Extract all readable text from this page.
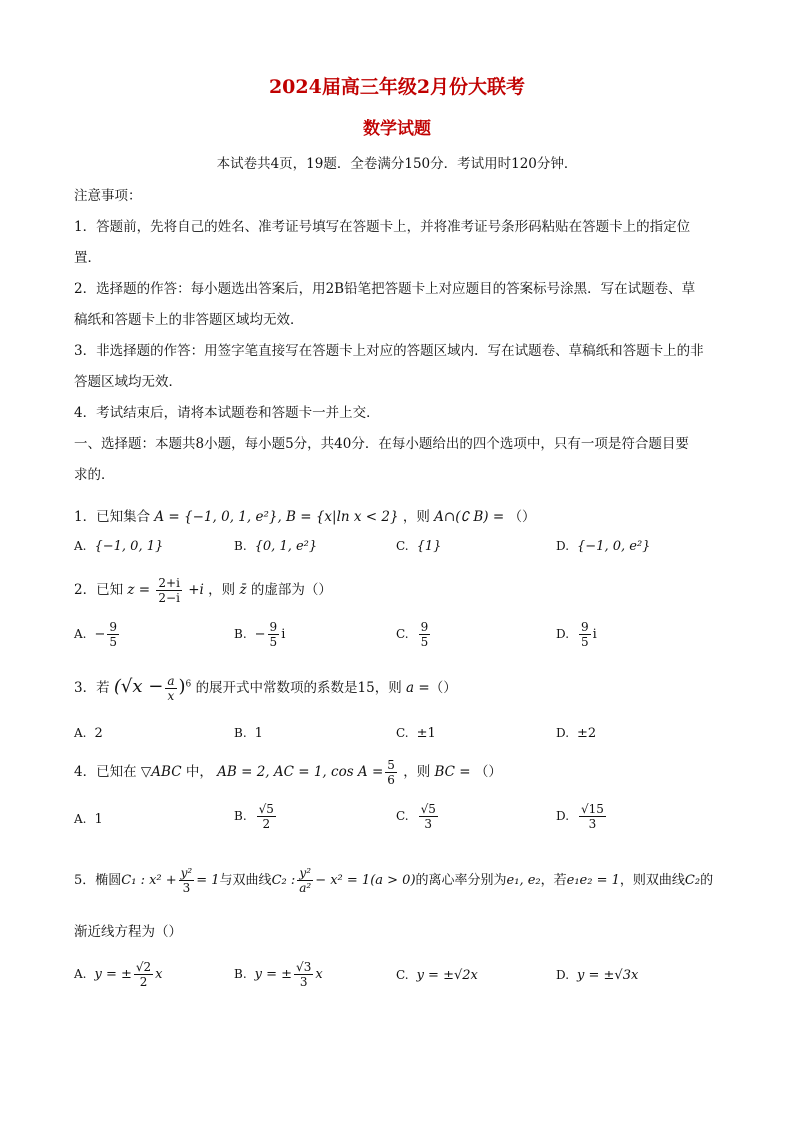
2024届高三年级2月份大联考
数学试题
本试卷共4页，19题．全卷满分150分．考试用时120分钟．
注意事项：
1．答题前，先将自己的姓名、准考证号填写在答题卡上，并将准考证号条形码粘贴在答题卡上的指定位
置．
2．选择题的作答：每小题选出答案后，用2B铅笔把答题卡上对应题目的答案标号涂黑．写在试题卷、草
稿纸和答题卡上的非答题区域均无效．
3．非选择题的作答：用签字笔直接写在答题卡上对应的答题区域内．写在试题卷、草稿纸和答题卡上的非
答题区域均无效．
4．考试结束后，请将本试题卷和答题卡一并上交．
一、选择题：本题共8小题，每小题5分，共40分．在每小题给出的四个选项中，只有一项是符合题目要
求的．
1．已知集合 A = {−1, 0, 1, e²}, B = {x|ln x < 2} ，则 A∩(∁ B) = （）
A. {−1, 0, 1}	B. {0, 1, e²}	C. {1}	D. {−1, 0, e²}
2．已知 $z = \frac{2+i}{2-i} +i$ ，则 z̄ 的虚部为（）
A. − $\frac{9}{5}$	B. − $\frac{9}{5}$ i	C. $\frac{9}{5}$	D. $\frac{9}{5}$ i
3．若 $(√x - \frac{a}{x} )^6$ 的展开式中常数项的系数是15，则 a =（）
A. 2	B. 1	C. ±1	D. ±2
4．已知在 ▽ABC 中， AB = 2, AC = 1, $\cos A = \frac{5}{6}$ ，则 BC = （）
A. 1	B. $\frac{√5}{2}$	C. $\frac{√5}{3}$	D. $\frac{√15}{3}$
5．椭圆C₁ : $x^2 + \frac{\text{y²}}{3} = 1$与双曲线C₂ : $\frac{\text{y²}}{\text{a²}} - x^2 = 1(a > 0)$的离心率分别为e₁, e₂，若e₁e₂ = 1，则双曲线C₂的
渐近线方程为（）
A. y = ± $\frac{√2}{2}$ x	B. y = ± $\frac{√3}{3}$ x	C. y = ±√2x	D. y = ±√3x
